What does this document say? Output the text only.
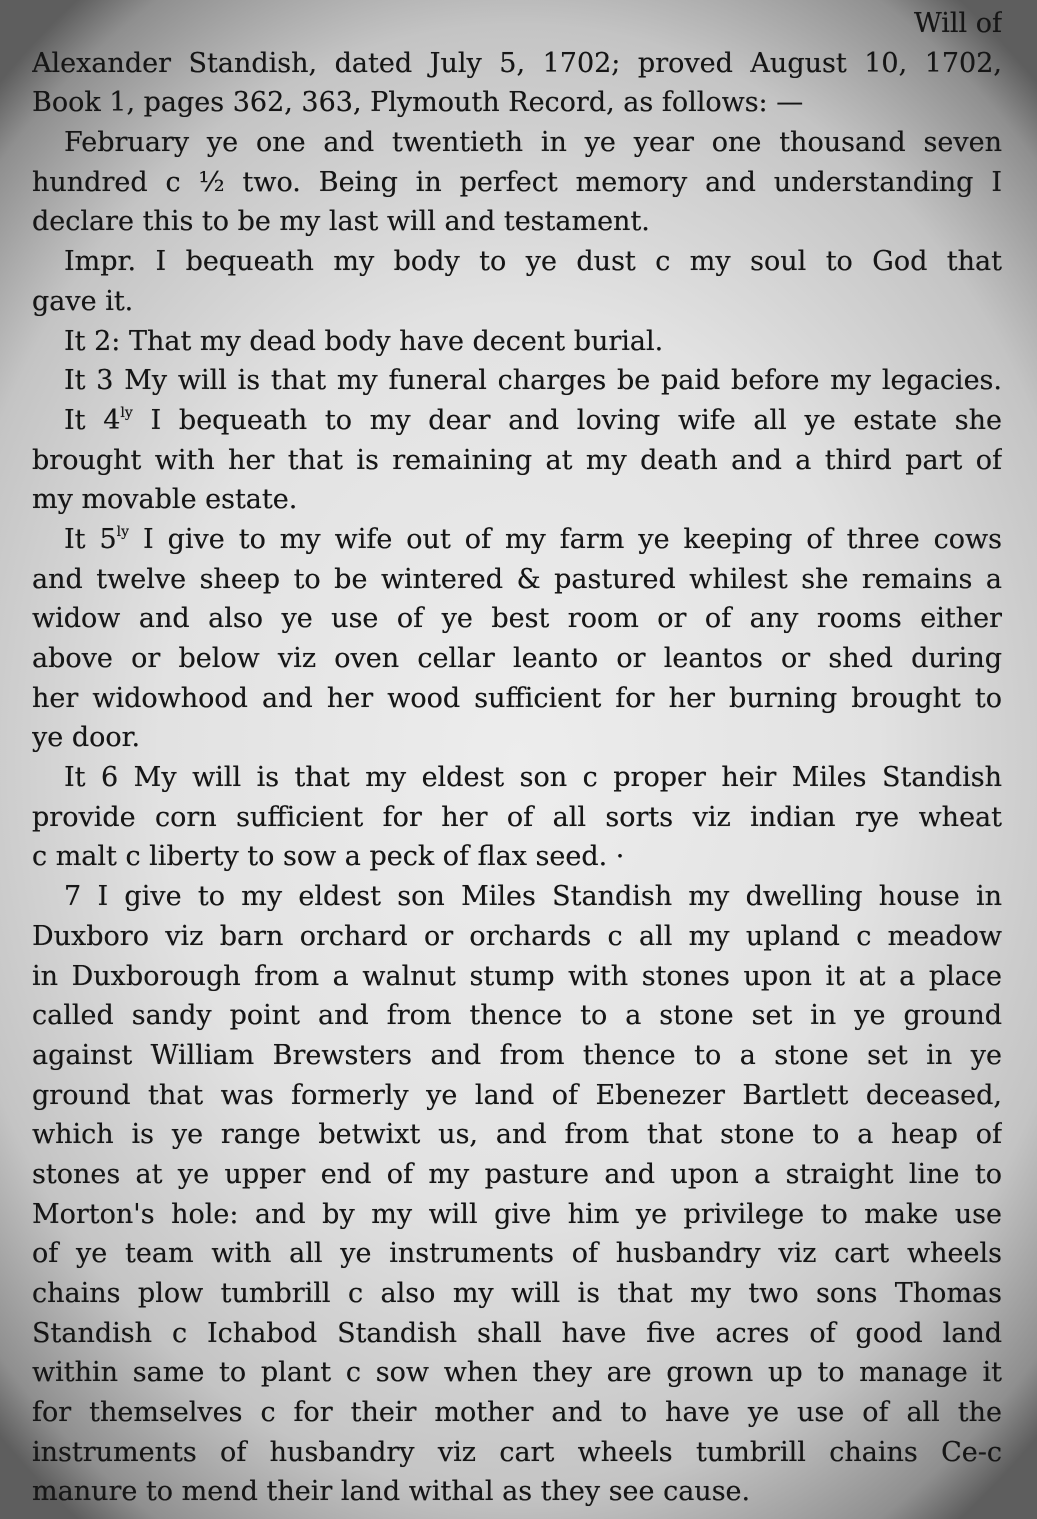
Will of
Alexander Standish, dated July 5, 1702; proved August 10, 1702,
Book 1, pages 362, 363, Plymouth Record, as follows: —
February ye one and twentieth in ye year one thousand seven
hundred c ½ two. Being in perfect memory and understanding I
declare this to be my last will and testament.
Impr. I bequeath my body to ye dust c my soul to God that
gave it.
It 2: That my dead body have decent burial.
It 3 My will is that my funeral charges be paid before my legacies.
It $4^{ly}$ I bequeath to my dear and loving wife all ye estate she
brought with her that is remaining at my death and a third part of
my movable estate.
It $5^{ly}$ I give to my wife out of my farm ye keeping of three cows
and twelve sheep to be wintered & pastured whilest she remains a
widow and also ye use of ye best room or of any rooms either
above or below viz oven cellar leanto or leantos or shed during
her widowhood and her wood sufficient for her burning brought to
ye door.
It 6 My will is that my eldest son c proper heir Miles Standish
provide corn sufficient for her of all sorts viz indian rye wheat
c malt c liberty to sow a peck of flax seed. ·
7 I give to my eldest son Miles Standish my dwelling house in
Duxboro viz barn orchard or orchards c all my upland c meadow
in Duxborough from a walnut stump with stones upon it at a place
called sandy point and from thence to a stone set in ye ground
against William Brewsters and from thence to a stone set in ye
ground that was formerly ye land of Ebenezer Bartlett deceased,
which is ye range betwixt us, and from that stone to a heap of
stones at ye upper end of my pasture and upon a straight line to
Morton's hole: and by my will give him ye privilege to make use
of ye team with all ye instruments of husbandry viz cart wheels
chains plow tumbrill c also my will is that my two sons Thomas
Standish c Ichabod Standish shall have five acres of good land
within same to plant c sow when they are grown up to manage it
for themselves c for their mother and to have ye use of all the
instruments of husbandry viz cart wheels tumbrill chains Ce-c
manure to mend their land withal as they see cause.
